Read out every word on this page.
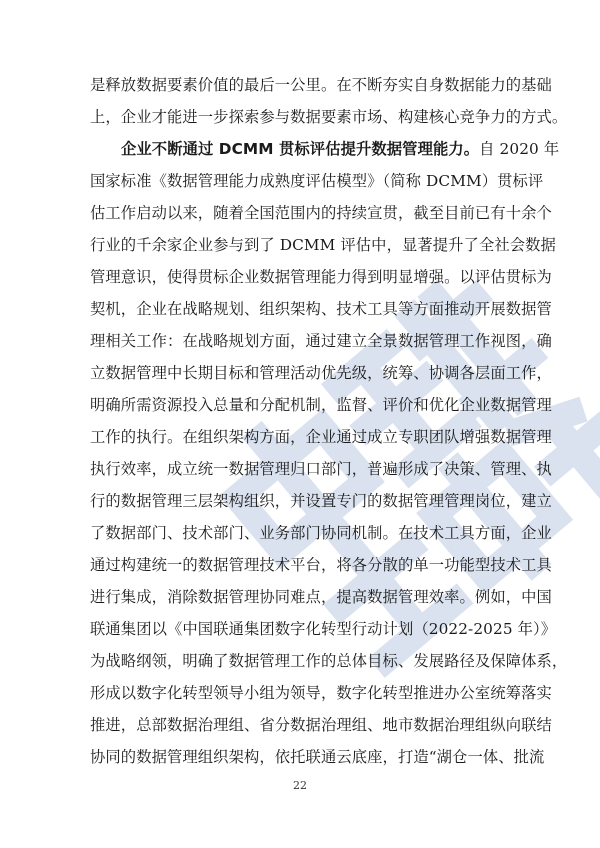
是释放数据要素价值的最后一公里。在不断夯实自身数据能力的基础
上，企业才能进一步探索参与数据要素市场、构建核心竞争力的方式。
企业不断通过 DCMM 贯标评估提升数据管理能力。自 2020 年
国家标准《数据管理能力成熟度评估模型》（简称 DCMM）贯标评
估工作启动以来，随着全国范围内的持续宣贯，截至目前已有十余个
行业的千余家企业参与到了 DCMM 评估中，显著提升了全社会数据
管理意识，使得贯标企业数据管理能力得到明显增强。以评估贯标为
契机，企业在战略规划、组织架构、技术工具等方面推动开展数据管
理相关工作：在战略规划方面，通过建立全景数据管理工作视图，确
立数据管理中长期目标和管理活动优先级，统筹、协调各层面工作，
明确所需资源投入总量和分配机制，监督、评价和优化企业数据管理
工作的执行。在组织架构方面，企业通过成立专职团队增强数据管理
执行效率，成立统一数据管理归口部门，普遍形成了决策、管理、执
行的数据管理三层架构组织，并设置专门的数据管理管理岗位，建立
了数据部门、技术部门、业务部门协同机制。在技术工具方面，企业
通过构建统一的数据管理技术平台，将各分散的单一功能型技术工具
进行集成，消除数据管理协同难点，提高数据管理效率。例如，中国
联通集团以《中国联通集团数字化转型行动计划（2022-2025 年）》
为战略纲领，明确了数据管理工作的总体目标、发展路径及保障体系，
形成以数字化转型领导小组为领导，数字化转型推进办公室统筹落实
推进，总部数据治理组、省分数据治理组、地市数据治理组纵向联结
协同的数据管理组织架构，依托联通云底座，打造“湖仓一体、批流
22
